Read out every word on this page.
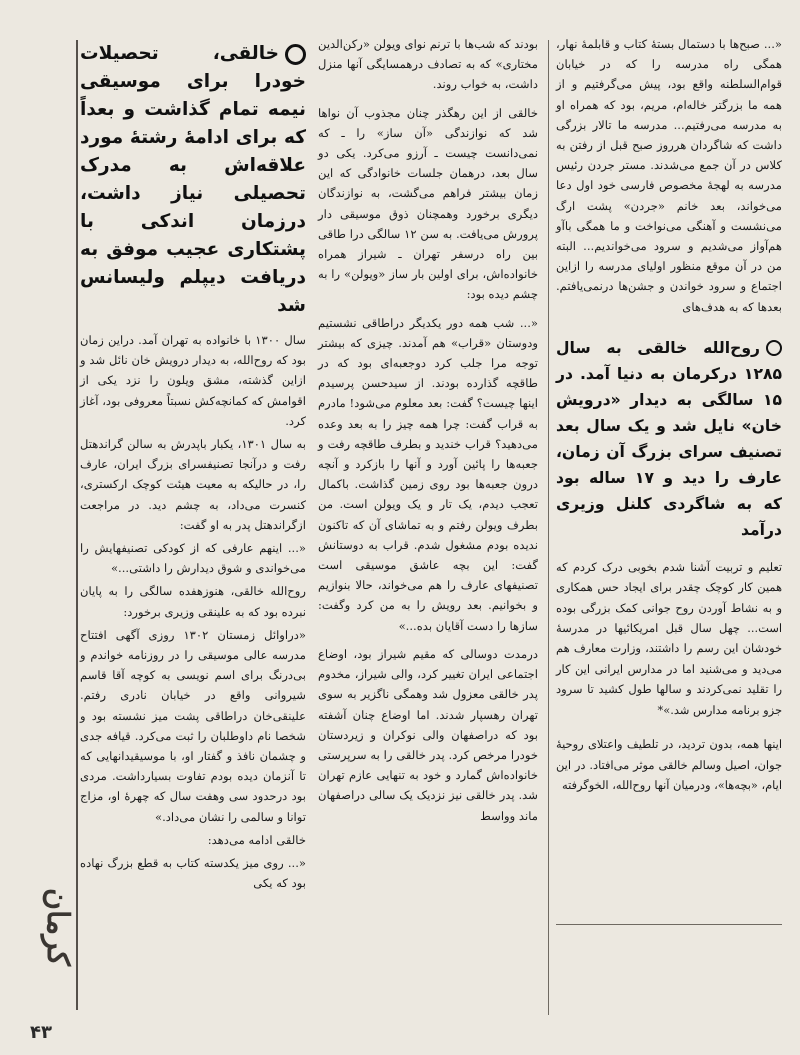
«... صبح‌ها با دستمال بستهٔ کتاب و قابلمهٔ نهار، همگی راه مدرسه را که در خیابان قوام‌السلطنه واقع بود، پیش می‌گرفتیم و از همه ما بزرگتر خاله‌ام، مریم، بود که همراه او به مدرسه می‌رفتیم... مدرسه ما تالار بزرگی داشت که شاگردان هرروز صبح قبل از رفتن به کلاس در آن جمع می‌شدند. مستر جردن رئیس مدرسه به لهجهٔ مخصوص فارسی خود اول دعا می‌خواند، بعد خانم «جردن» پشت ارگ می‌نشست و آهنگی می‌نواخت و ما همگی باآو هم‌آواز می‌شدیم و سرود می‌خواندیم... البته من در آن موقع منظور اولیای مدرسه را ازاین اجتماع و سرود خواندن و جشن‌ها درنمی‌یافتم. بعدها که به هدف‌های

روح‌الله خالقی به سال ۱۲۸۵ درکرمان به دنیا آمد. در ۱۵ سالگی به دیدار «درویش خان» نایل شد و یک سال بعد تصنیف سرای بزرگ آن زمان، عارف را دید و ۱۷ ساله بود که به شاگردی کلنل وزیری درآمد

تعلیم و تربیت آشنا شدم بخوبی درک کردم که همین کار کوچک چقدر برای ایجاد حس همکاری و به نشاط آوردن روح جوانی کمک بزرگی بوده است... چهل سال قبل امریکائیها در مدرسهٔ خودشان این رسم را داشتند، وزارت معارف هم می‌دید و می‌شنید اما در مدارس ایرانی این کار را تقلید نمی‌کردند و سالها طول کشید تا سرود جزو برنامه مدارس شد.»*

اینها همه، بدون تردید، در تلطیف واعتلای روحیهٔ جوان، اصیل وسالم خالقی موثر می‌افتاد. در این ایام، «بچه‌ها»، ودرمیان آنها روح‌الله، الخوگرفته

بودند که شب‌ها با ترنم نوای ویولن «رکن‌الدین مختاری» که به تصادف درهمسایگی آنها منزل داشت، به خواب روند.

خالقی از این رهگذر چنان مجذوب آن نواها شد که نوازندگی «آن ساز» را ـ که نمی‌دانست چیست ـ آرزو می‌کرد. یکی دو سال بعد، درهمان جلسات خانوادگی که این زمان بیشتر فراهم می‌گشت، به نوازندگان دیگری برخورد وهمچنان ذوق موسیقی دار پرورش می‌یافت. به سن ۱۲ سالگی درا طاقی بین راه درسفر تهران ـ شیراز همراه خانواده‌اش، برای اولین بار ساز «ویولن» را به چشم دیده بود:

«... شب همه دور یکدیگر دراطاقی نشستیم ودوستان «قراب» هم آمدند. چیزی که بیشتر توجه مرا جلب کرد دوجعبه‌ای بود که در طاقچه گذارده بودند. از سیدحسن پرسیدم اینها چیست؟ گفت: بعد معلوم می‌شود! مادرم به قراب گفت: چرا همه چیز را به بعد وعده می‌دهید؟ قراب خندید و بطرف طاقچه رفت و جعبه‌ها را پائین آورد و آنها را بازکرد و آنچه درون جعبه‌ها بود روی زمین گذاشت. باکمال تعجب دیدم، یک تار و یک ویولن است. من بطرف ویولن رفتم و به تماشای آن که تاکنون ندیده بودم مشغول شدم. قراب به دوستانش گفت: این بچه عاشق موسیقی است تصنیفهای عارف را هم می‌خواند، حالا بنوازیم و بخوانیم. بعد رویش را به من کرد وگفت: سازها را دست آقایان بده...»

درمدت دوسالی که مقیم شیراز بود، اوضاع اجتماعی ایران تغییر کرد، والی شیراز، مخدوم پدر خالقی معزول شد وهمگی ناگزیر به سوی تهران رهسپار شدند. اما اوضاع چنان آشفته بود که دراصفهان والی نوکران و زیردستان خودرا مرخص کرد. پدر خالقی را به سرپرستی خانواده‌اش گمارد و خود به تنهایی عازم تهران شد. پدر خالقی نیز نزدیک یک سالی دراصفهان ماند وواسط

خالقی، تحصیلات خودرا برای موسیقی نیمه تمام گذاشت و بعداً که برای ادامهٔ رشتهٔ مورد علاقه‌اش به مدرک تحصیلی نیاز داشت، درزمان اندکی با پشتکاری عجیب موفق به دریافت دیپلم ولیسانس شد

سال ۱۳۰۰ با خانواده به تهران آمد. دراین زمان بود که روح‌الله، به دیدار درویش خان نائل شد و ازاین گذشته، مشق ویلون را نزد یکی از اقوامش که کمانچه‌کش نسبتاً معروفی بود، آغاز کرد.

به سال ۱۳۰۱، یکبار باپدرش به سالن گراندهتل رفت و درآنجا تصنیفسرای بزرگ ایران، عارف را، در حالیکه به معیت هیئت کوچک ارکستری، کنسرت می‌داد، به چشم دید. در مراجعت ازگراندهتل پدر به او گفت:

«... اینهم عارفی که از کودکی تصنیفهایش را می‌خواندی و شوق دیدارش را داشتی...»

روح‌الله خالقی، هنوزهفده سالگی را به پایان نبرده بود که به علینقی وزیری برخورد:

«دراوائل زمستان ۱۳۰۲ روزی آگهی افتتاح مدرسه عالی موسیقی را در روزنامه خواندم و بی‌درنگ برای اسم نویسی به کوچه آقا قاسم شیروانی واقع در خیابان نادری رفتم. علینقی‌خان دراطاقی پشت میز نشسته بود و شخصا نام داوطلبان را ثبت می‌کرد. قیافه جدی و چشمان نافذ و گفتار او، با موسیقیدانهایی که تا آنزمان دیده بودم تفاوت بسیارداشت. مردی بود درحدود سی وهفت سال که چهرهٔ او، مزاج توانا و سالمی را نشان می‌داد.»

خالقی ادامه می‌دهد:

«... روی میز یکدسته کتاب به قطع بزرگ نهاده بود که یکی

کرمان
۴۳
